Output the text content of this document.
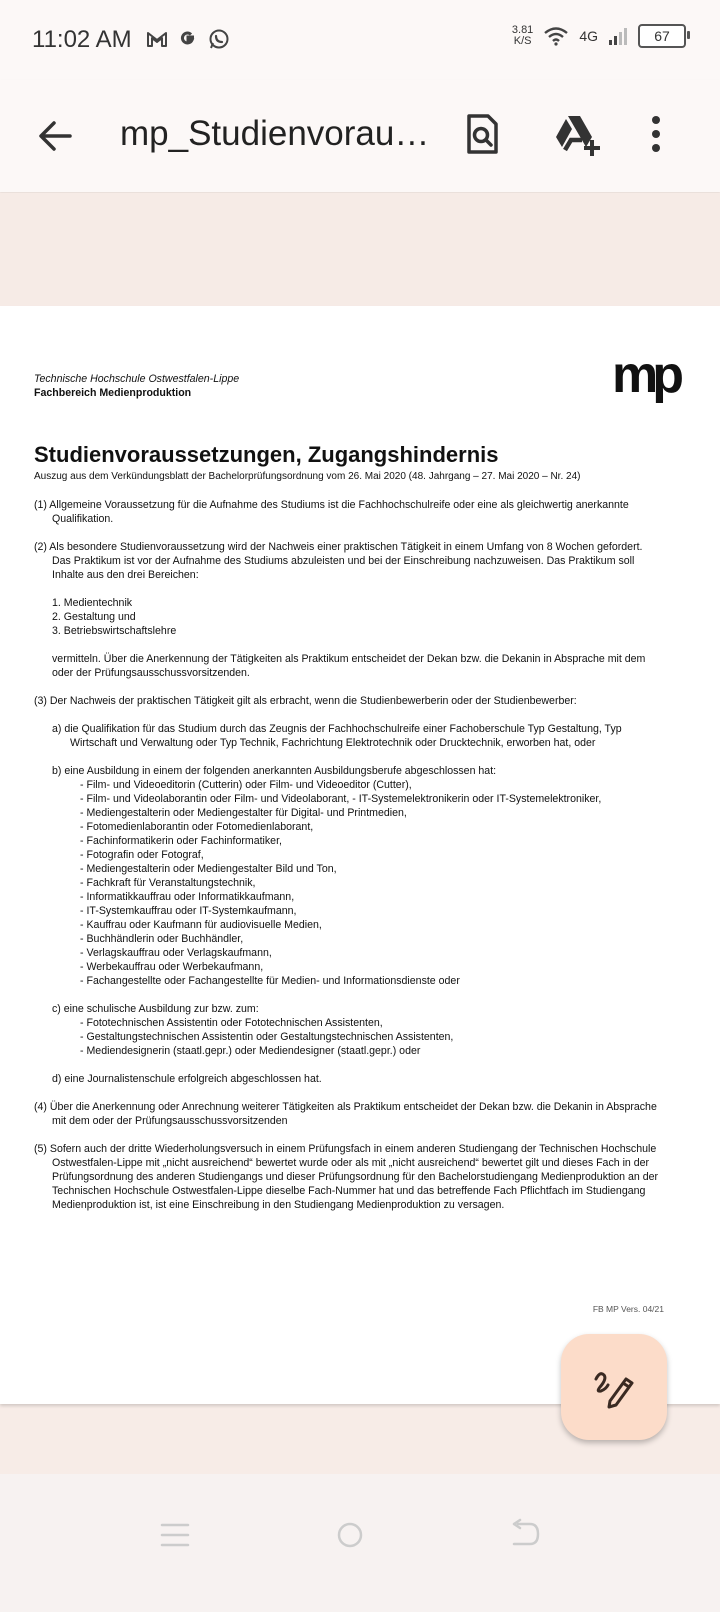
11:02 AM	3.81
K/S	4G	67
mp_Studienvorau…
mp
Technische Hochschule Ostwestfalen-Lippe
Fachbereich Medienproduktion
Studienvoraussetzungen, Zugangshindernis
Auszug aus dem Verkündungsblatt der Bachelorprüfungsordnung vom 26. Mai 2020 (48. Jahrgang – 27. Mai 2020 – Nr. 24)
(1) Allgemeine Voraussetzung für die Aufnahme des Studiums ist die Fachhochschulreife oder eine als gleichwertig anerkannte Qualifikation.
(2) Als besondere Studienvoraussetzung wird der Nachweis einer praktischen Tätigkeit in einem Umfang von 8 Wochen gefordert. Das Praktikum ist vor der Aufnahme des Studiums abzuleisten und bei der Einschreibung nachzuweisen. Das Praktikum soll Inhalte aus den drei Bereichen:
1. Medientechnik
2. Gestaltung und
3. Betriebswirtschaftslehre
vermitteln. Über die Anerkennung der Tätigkeiten als Praktikum entscheidet der Dekan bzw. die Dekanin in Absprache mit dem oder der Prüfungsausschussvorsitzenden.
(3) Der Nachweis der praktischen Tätigkeit gilt als erbracht, wenn die Studienbewerberin oder der Studienbewerber:
a) die Qualifikation für das Studium durch das Zeugnis der Fachhochschulreife einer Fachoberschule Typ Gestaltung, Typ Wirtschaft und Verwaltung oder Typ Technik, Fachrichtung Elektrotechnik oder Drucktechnik, erworben hat, oder
b) eine Ausbildung in einem der folgenden anerkannten Ausbildungsberufe abgeschlossen hat:
- Film- und Videoeditorin (Cutterin) oder Film- und Videoeditor (Cutter),
- Film- und Videolaborantin oder Film- und Videolaborant, - IT-Systemelektronikerin oder IT-Systemelektroniker,
- Mediengestalterin oder Mediengestalter für Digital- und Printmedien,
- Fotomedienlaborantin oder Fotomedienlaborant,
- Fachinformatikerin oder Fachinformatiker,
- Fotografin oder Fotograf,
- Mediengestalterin oder Mediengestalter Bild und Ton,
- Fachkraft für Veranstaltungstechnik,
- Informatikkauffrau oder Informatikkaufmann,
- IT-Systemkauffrau oder IT-Systemkaufmann,
- Kauffrau oder Kaufmann für audiovisuelle Medien,
- Buchhändlerin oder Buchhändler,
- Verlagskauffrau oder Verlagskaufmann,
- Werbekauffrau oder Werbekaufmann,
- Fachangestellte oder Fachangestellte für Medien- und Informationsdienste oder
c) eine schulische Ausbildung zur bzw. zum:
- Fototechnischen Assistentin oder Fototechnischen Assistenten,
- Gestaltungstechnischen Assistentin oder Gestaltungstechnischen Assistenten,
- Mediendesignerin (staatl.gepr.) oder Mediendesigner (staatl.gepr.) oder
d) eine Journalistenschule erfolgreich abgeschlossen hat.
(4) Über die Anerkennung oder Anrechnung weiterer Tätigkeiten als Praktikum entscheidet der Dekan bzw. die Dekanin in Absprache mit dem oder der Prüfungsausschussvorsitzenden
(5) Sofern auch der dritte Wiederholungsversuch in einem Prüfungsfach in einem anderen Studiengang der Technischen Hochschule Ostwestfalen-Lippe mit „nicht ausreichend“ bewertet wurde oder als mit „nicht ausreichend“ bewertet gilt und dieses Fach in der Prüfungsordnung des anderen Studiengangs und dieser Prüfungsordnung für den Bachelorstudiengang Medienproduktion an der Technischen Hochschule Ostwestfalen-Lippe dieselbe Fach-Nummer hat und das betreffende Fach Pflichtfach im Studiengang Medienproduktion ist, ist eine Einschreibung in den Studiengang Medienproduktion zu versagen.
FB MP Vers. 04/21
